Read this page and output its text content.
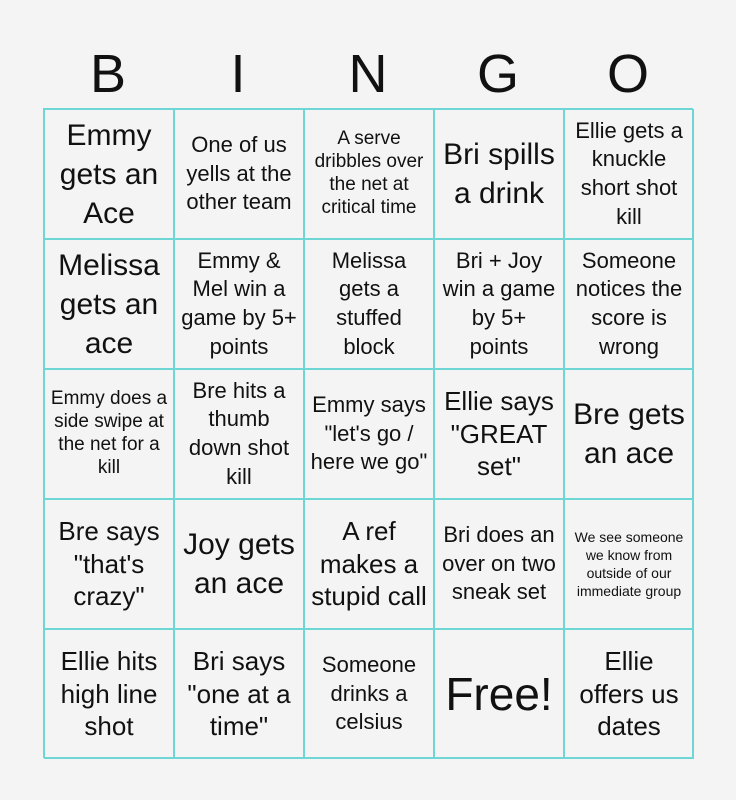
B	I	N	G	O
Emmy gets an Ace
One of us yells at the other team
A serve dribbles over the net at critical time
Bri spills a drink
Ellie gets a knuckle short shot kill
Melissa gets an ace
Emmy & Mel win a game by 5+ points
Melissa gets a stuffed block
Bri + Joy win a game by 5+ points
Someone notices the score is wrong
Emmy does a side swipe at the net for a kill
Bre hits a thumb down shot kill
Emmy says "let's go / here we go"
Ellie says "GREAT set"
Bre gets an ace
Bre says "that's crazy"
Joy gets an ace
A ref makes a stupid call
Bri does an over on two sneak set
We see someone we know from outside of our immediate group
Ellie hits high line shot
Bri says "one at a time"
Someone drinks a celsius
Free!
Ellie offers us dates
